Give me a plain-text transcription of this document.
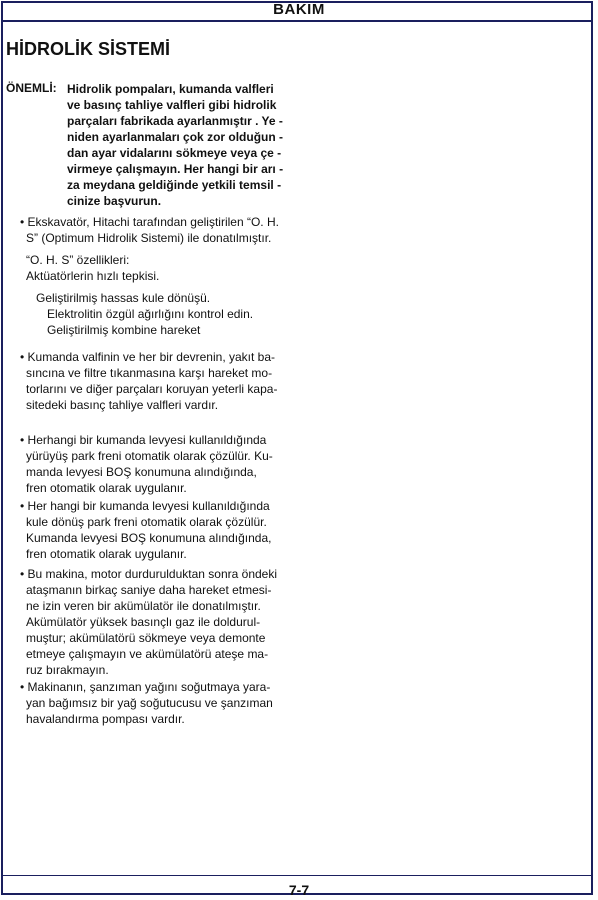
BAKIM
HİDROLİK SİSTEMİ
ÖNEMLİ: Hidrolik pompaları, kumanda valfleri
ve basınç tahliye valfleri gibi hidrolik
parçaları fabrikada ayarlanmıştır . Ye -
niden ayarlanmaları çok zor olduğun -
dan ayar vidalarını sökmeye veya çe -
virmeye çalışmayın. Her hangi bir arı -
za meydana geldiğinde yetkili temsil -
cinize başvurun.
• Ekskavatör, Hitachi tarafından geliştirilen “O. H.
S” (Optimum Hidrolik Sistemi) ile donatılmıştır.
“O. H. S” özellikleri:
Aktüatörlerin hızlı tepkisi.
Geliştirilmiş hassas kule dönüşü.
Elektrolitin özgül ağırlığını kontrol edin.
Geliştirilmiş kombine hareket
• Kumanda valfinin ve her bir devrenin, yakıt ba-
sıncına ve filtre tıkanmasına karşı hareket mo-
torlarını ve diğer parçaları koruyan yeterli kapa-
sitedeki basınç tahliye valfleri vardır.
• Herhangi bir kumanda levyesi kullanıldığında
yürüyüş park freni otomatik olarak çözülür. Ku-
manda levyesi BOŞ konumuna alındığında,
fren otomatik olarak uygulanır.
• Her hangi bir kumanda levyesi kullanıldığında
kule dönüş park freni otomatik olarak çözülür.
Kumanda levyesi BOŞ konumuna alındığında,
fren otomatik olarak uygulanır.
• Bu makina, motor durdurulduktan sonra öndeki
ataşmanın birkaç saniye daha hareket etmesi-
ne izin veren bir akümülatör ile donatılmıştır.
Akümülatör yüksek basınçlı gaz ile doldurul-
muştur; akümülatörü sökmeye veya demonte
etmeye çalışmayın ve akümülatörü ateşe ma-
ruz bırakmayın.
• Makinanın, şanzıman yağını soğutmaya yara-
yan bağımsız bir yağ soğutucusu ve şanzıman
havalandırma pompası vardır.
7-7
